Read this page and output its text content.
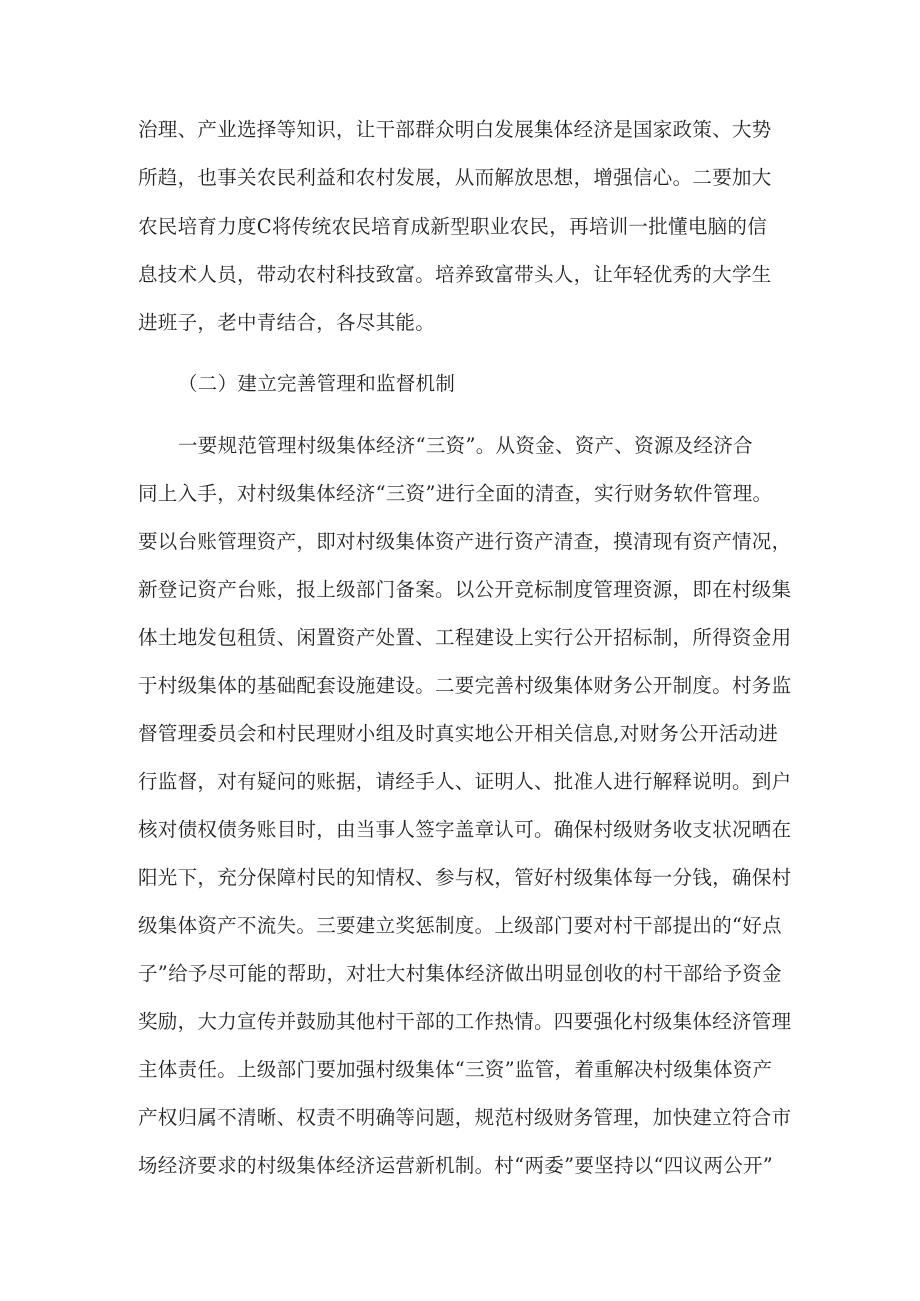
治理、产业选择等知识，让干部群众明白发展集体经济是国家政策、大势
所趋，也事关农民利益和农村发展，从而解放思想，增强信心。二要加大
农民培育力度C将传统农民培育成新型职业农民，再培训一批懂电脑的信
息技术人员，带动农村科技致富。培养致富带头人，让年轻优秀的大学生
进班子，老中青结合，各尽其能。
（二）建立完善管理和监督机制
一要规范管理村级集体经济“三资”。从资金、资产、资源及经济合
同上入手，对村级集体经济“三资”进行全面的清查，实行财务软件管理。
要以台账管理资产，即对村级集体资产进行资产清查，摸清现有资产情况，
新登记资产台账，报上级部门备案。以公开竞标制度管理资源，即在村级集
体土地发包租赁、闲置资产处置、工程建设上实行公开招标制，所得资金用
于村级集体的基础配套设施建设。二要完善村级集体财务公开制度。村务监
督管理委员会和村民理财小组及时真实地公开相关信息,对财务公开活动进
行监督，对有疑问的账据，请经手人、证明人、批准人进行解释说明。到户
核对债权债务账目时，由当事人签字盖章认可。确保村级财务收支状况晒在
阳光下，充分保障村民的知情权、参与权，管好村级集体每一分钱，确保村
级集体资产不流失。三要建立奖惩制度。上级部门要对村干部提出的“好点
子”给予尽可能的帮助，对壮大村集体经济做出明显创收的村干部给予资金
奖励，大力宣传并鼓励其他村干部的工作热情。四要强化村级集体经济管理
主体责任。上级部门要加强村级集体“三资”监管，着重解决村级集体资产
产权归属不清晰、权责不明确等问题，规范村级财务管理，加快建立符合市
场经济要求的村级集体经济运营新机制。村“两委”要坚持以“四议两公开”
